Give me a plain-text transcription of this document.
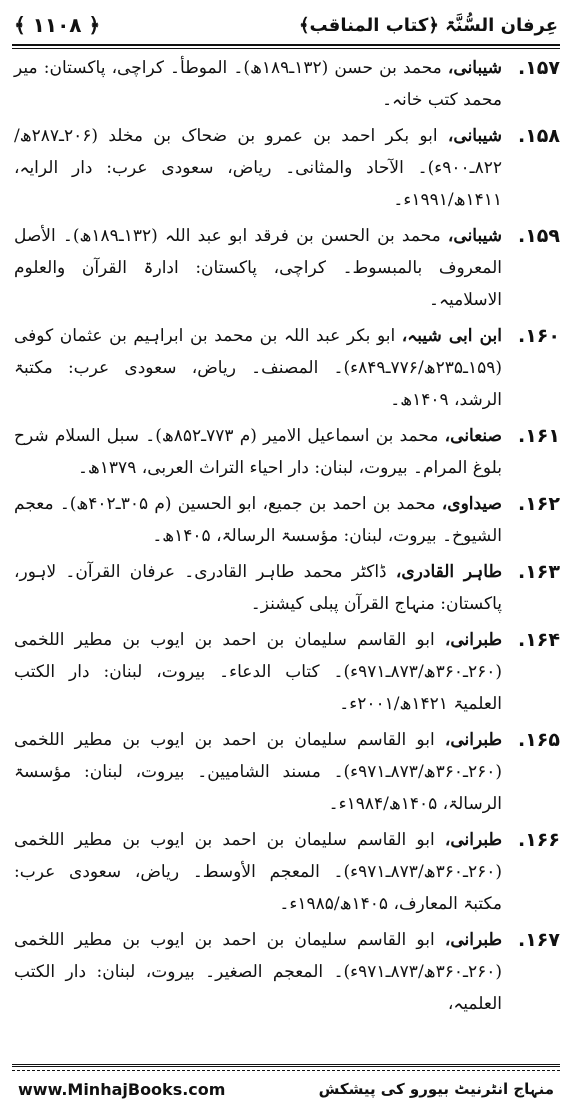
﴾ ۱۱۰۸ ﴿	عِرفان السُّنَّۃ ﴿کتاب المناقب﴾
۱۵۷.
شیبانی، محمد بن حسن (۱۳۲ـ۱۸۹ھ)۔ الموطأ۔ کراچی، پاکستان: میر محمد کتب خانہ۔
۱۵۸.
شیبانی، ابو بکر احمد بن عمرو بن ضحاک بن مخلد (۲۰۶ـ۲۸۷ھ/۸۲۲ـ۹۰۰ء)۔ الآحاد والمثانی۔ ریاض، سعودی عرب: دار الرایہ، ۱۴۱۱ھ/۱۹۹۱ء۔
۱۵۹.
شیبانی، محمد بن الحسن بن فرقد ابو عبد اللہ (۱۳۲ـ۱۸۹ھ)۔ الأصل المعروف بالمبسوط۔ کراچی، پاکستان: ادارۃ القرآن والعلوم الاسلامیہ۔
۱۶۰.
ابن ابی شیبہ، ابو بکر عبد اللہ بن محمد بن ابراہیم بن عثمان کوفی (۱۵۹ـ۲۳۵ھ/۷۷۶ـ۸۴۹ء)۔ المصنف۔ ریاض، سعودی عرب: مکتبۃ الرشد، ۱۴۰۹ھ۔
۱۶۱.
صنعانی، محمد بن اسماعیل الامیر (م ۷۷۳ـ۸۵۲ھ)۔ سبل السلام شرح بلوغ المرام۔ بیروت، لبنان: دار احیاء التراث العربی، ۱۳۷۹ھ۔
۱۶۲.
صیداوی، محمد بن احمد بن جمیع، ابو الحسین (م ۳۰۵ـ۴۰۲ھ)۔ معجم الشیوخ۔ بیروت، لبنان: مؤسسۃ الرسالۃ، ۱۴۰۵ھ۔
۱۶۳.
طاہر القادری، ڈاکٹر محمد طاہر القادری۔ عرفان القرآن۔ لاہور، پاکستان: منہاج القرآن پبلی کیشنز۔
۱۶۴.
طبرانی، ابو القاسم سلیمان بن احمد بن ایوب بن مطیر اللخمی (۲۶۰ـ۳۶۰ھ/۸۷۳ـ۹۷۱ء)۔ کتاب الدعاء۔ بیروت، لبنان: دار الکتب العلمیۃ ۱۴۲۱ھ/۲۰۰۱ء۔
۱۶۵.
طبرانی، ابو القاسم سلیمان بن احمد بن ایوب بن مطیر اللخمی (۲۶۰ـ۳۶۰ھ/۸۷۳ـ۹۷۱ء)۔ مسند الشامیین۔ بیروت، لبنان: مؤسسۃ الرسالۃ، ۱۴۰۵ھ/۱۹۸۴ء۔
۱۶۶.
طبرانی، ابو القاسم سلیمان بن احمد بن ایوب بن مطیر اللخمی (۲۶۰ـ۳۶۰ھ/۸۷۳ـ۹۷۱ء)۔ المعجم الأوسط۔ ریاض، سعودی عرب: مکتبۃ المعارف، ۱۴۰۵ھ/۱۹۸۵ء۔
۱۶۷.
طبرانی، ابو القاسم سلیمان بن احمد بن ایوب بن مطیر اللخمی (۲۶۰ـ۳۶۰ھ/۸۷۳ـ۹۷۱ء)۔ المعجم الصغیر۔ بیروت، لبنان: دار الکتب العلمیہ،
www.MinhajBooks.com	منہاج انٹرنیٹ بیورو کی پیشکش
